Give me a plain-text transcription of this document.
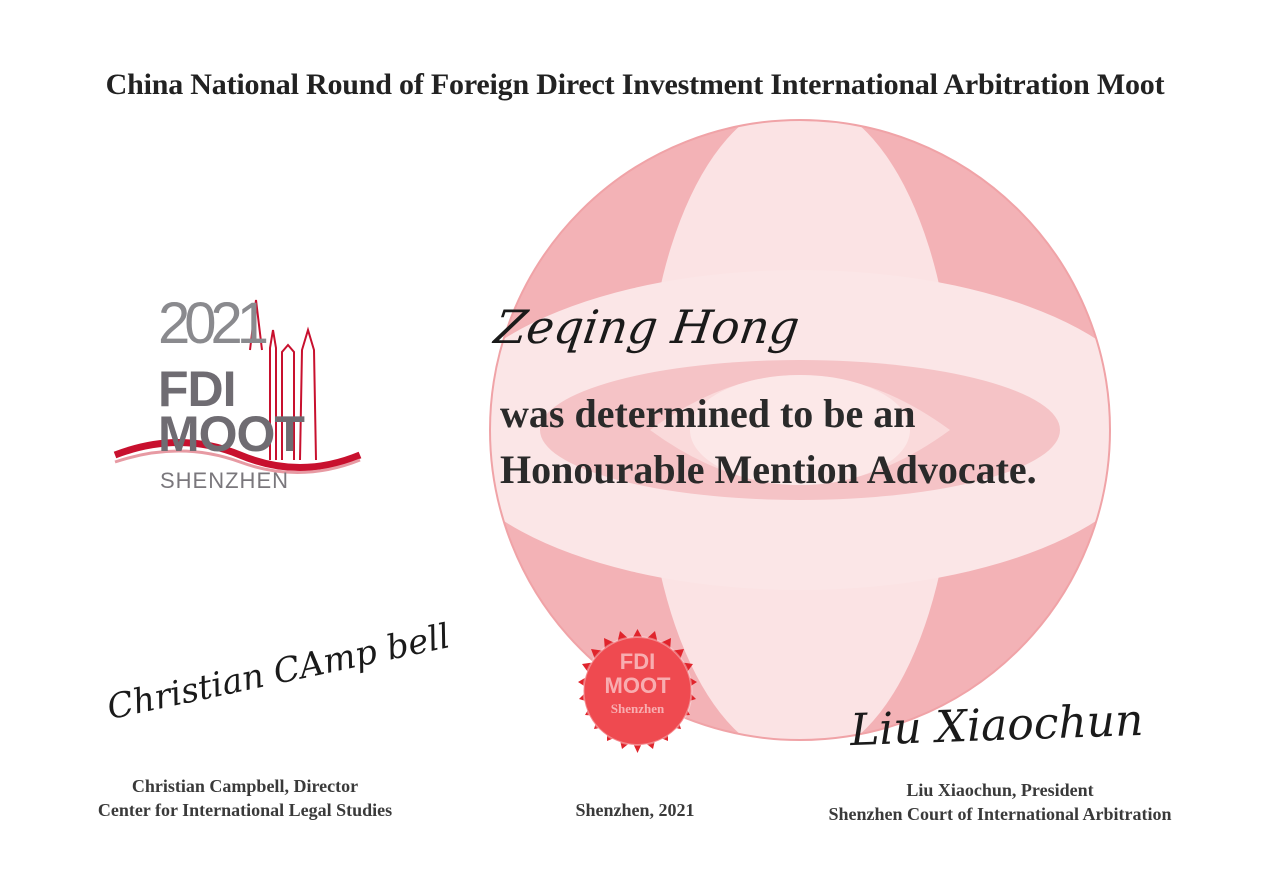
China National Round of Foreign Direct Investment International Arbitration Moot
2021
FDI
MOOT
SHENZHEN
Zeqing Hong
was determined to be an
Honourable Mention Advocate.
FDI
MOOT
Shenzhen
Christian CAmp bell	Liu Xiaochun
Christian Campbell, Director
Center for International Legal Studies	Shenzhen, 2021
Liu Xiaochun, President
Shenzhen Court of International Arbitration
